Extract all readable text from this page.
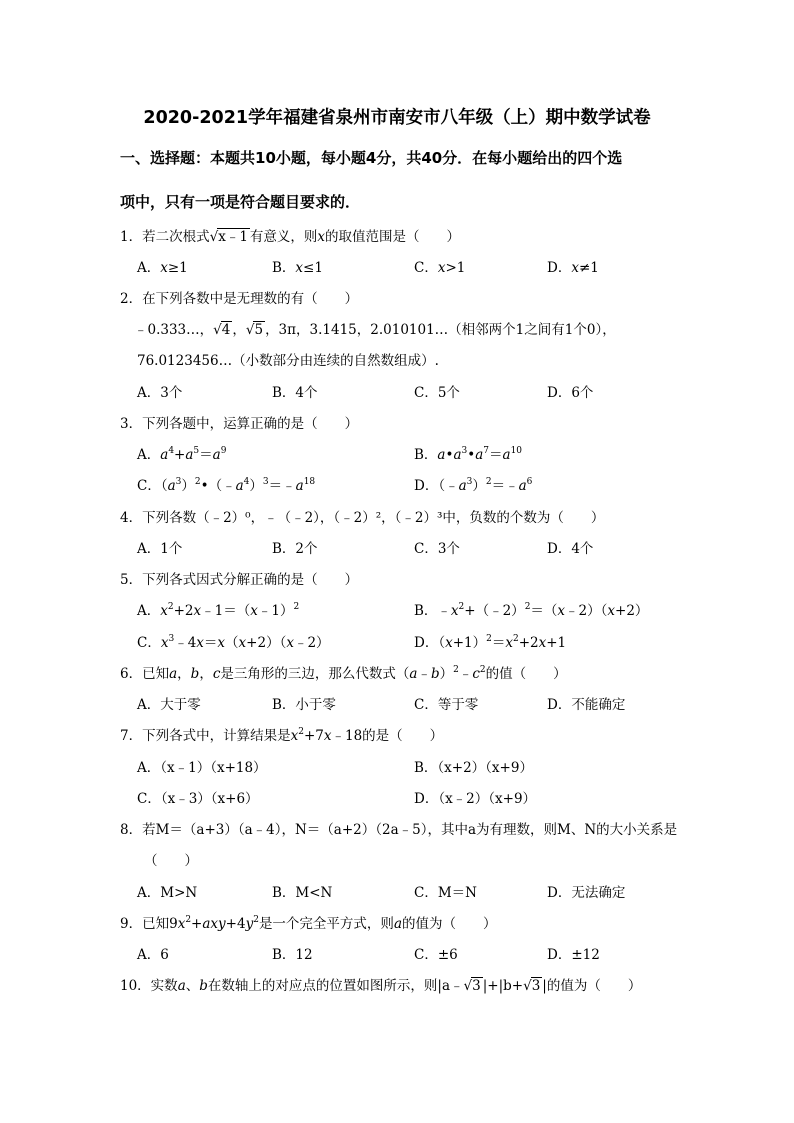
2020-2021学年福建省泉州市南安市八年级（上）期中数学试卷
一、选择题：本题共10小题，每小题4分，共40分．在每小题给出的四个选
项中，只有一项是符合题目要求的．
1．若二次根式√x﹣1 有意义，则x的取值范围是（　　）
A．x≥1	B．x≤1	C．x>1	D．x≠1
2．在下列各数中是无理数的有（　　）
﹣0.333…，√4 ，√5 ，3π，3.1415，2.010101…（相邻两个1之间有1个0），
76.0123456…（小数部分由连续的自然数组成）.
A．3个	B．4个	C．5个	D．6个
3．下列各题中，运算正确的是（　　）
A．$a^4+a^5=a^9$	B．$a•a^3•a^7=a^{10}$
C．$(a^3)^2•(﹣a^4)^3=﹣a^{18}$	D．$(﹣a^3)^2=﹣a^6$
4．下列各数（﹣2）⁰，﹣（﹣2），（﹣2）²，（﹣2）³中，负数的个数为（　　）
A．1个	B．2个	C．3个	D．4个
5．下列各式因式分解正确的是（　　）
A．$x^2+2x﹣1=(x﹣1)^2$	B．$﹣x^2+(﹣2)^2=(x﹣2)(x+2)$
C．$x^3﹣4x=x(x+2)(x﹣2)$	D．$(x+1)^2=x^2+2x+1$
6．已知a，b，c是三角形的三边，那么代数式$(a﹣b)^2﹣c^2$的值（　　）
A．大于零	B．小于零	C．等于零	D．不能确定
7．下列各式中，计算结果是$x^2+7x﹣18$的是（　　）
A．（x﹣1）（x+18）	B．（x+2）（x+9）
C．（x﹣3）（x+6）	D．（x﹣2）（x+9）
8．若M＝（a+3）（a﹣4），N＝（a+2）（2a﹣5），其中a为有理数，则M、N的大小关系是
（　　）
A．M>N	B．M<N	C．M＝N	D．无法确定
9．已知$9x^2+axy+4y^2$是一个完全平方式，则a的值为（　　）
A．6	B．12	C．±6	D．±12
10．实数a、b在数轴上的对应点的位置如图所示，则|a﹣√3 |+|b+√3 |的值为（　　）
